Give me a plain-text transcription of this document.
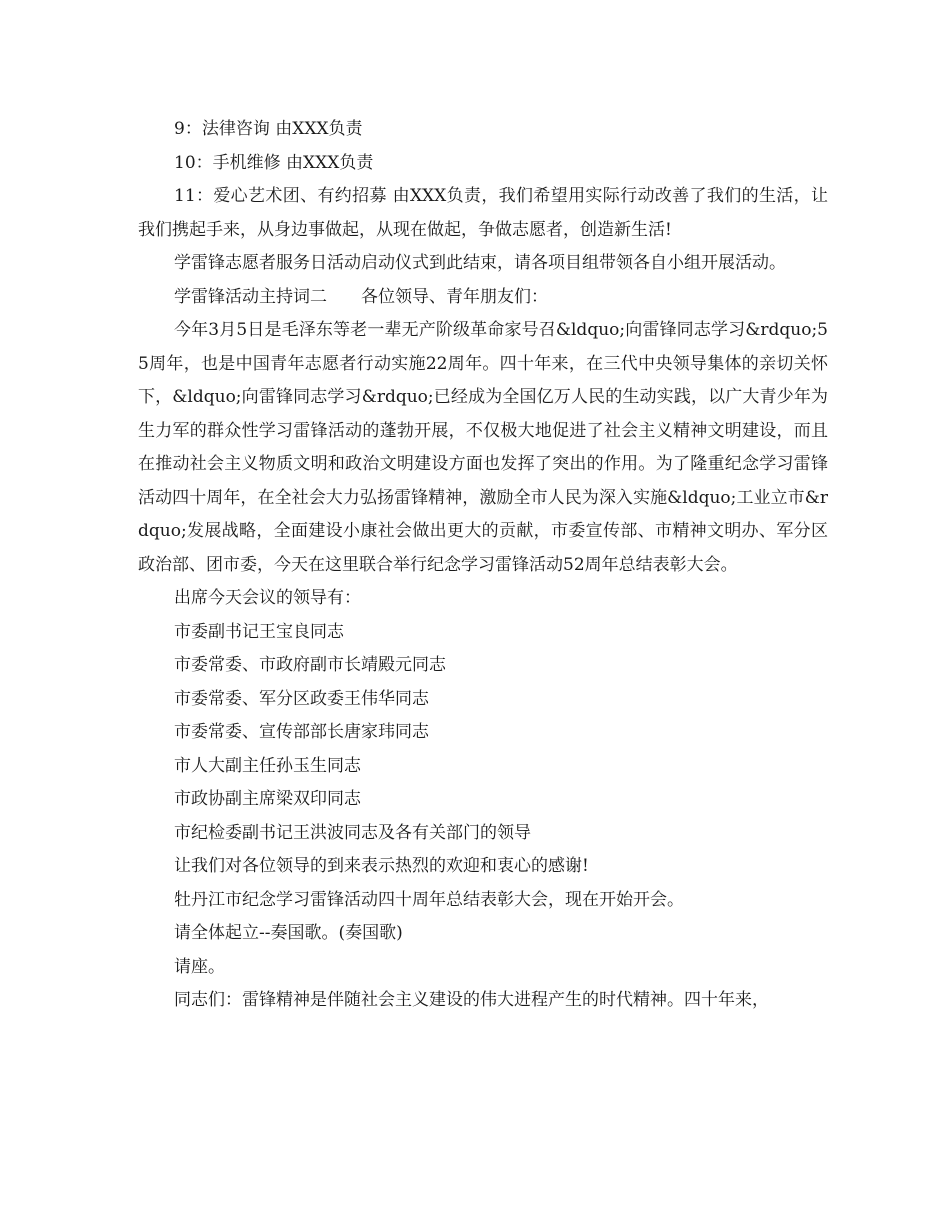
9：法律咨询 由XXX负责

10：手机维修 由XXX负责

11：爱心艺术团、有约招募 由XXX负责，我们希望用实际行动改善了我们的生活，让我们携起手来，从身边事做起，从现在做起，争做志愿者，创造新生活!

学雷锋志愿者服务日活动启动仪式到此结束，请各项目组带领各自小组开展活动。

学雷锋活动主持词二　　各位领导、青年朋友们：

今年3月5日是毛泽东等老一辈无产阶级革命家号召&ldquo;向雷锋同志学习&rdquo;55周年，也是中国青年志愿者行动实施22周年。四十年来，在三代中央领导集体的亲切关怀下，&ldquo;向雷锋同志学习&rdquo;已经成为全国亿万人民的生动实践，以广大青少年为生力军的群众性学习雷锋活动的蓬勃开展，不仅极大地促进了社会主义精神文明建设，而且在推动社会主义物质文明和政治文明建设方面也发挥了突出的作用。为了隆重纪念学习雷锋活动四十周年，在全社会大力弘扬雷锋精神，激励全市人民为深入实施&ldquo;工业立市&rdquo;发展战略，全面建设小康社会做出更大的贡献，市委宣传部、市精神文明办、军分区政治部、团市委，今天在这里联合举行纪念学习雷锋活动52周年总结表彰大会。

出席今天会议的领导有：

市委副书记王宝良同志

市委常委、市政府副市长靖殿元同志

市委常委、军分区政委王伟华同志

市委常委、宣传部部长唐家玮同志

市人大副主任孙玉生同志

市政协副主席梁双印同志

市纪检委副书记王洪波同志及各有关部门的领导

让我们对各位领导的到来表示热烈的欢迎和衷心的感谢!

牡丹江市纪念学习雷锋活动四十周年总结表彰大会，现在开始开会。

请全体起立--奏国歌。(奏国歌)

请座。

同志们：雷锋精神是伴随社会主义建设的伟大进程产生的时代精神。四十年来，
